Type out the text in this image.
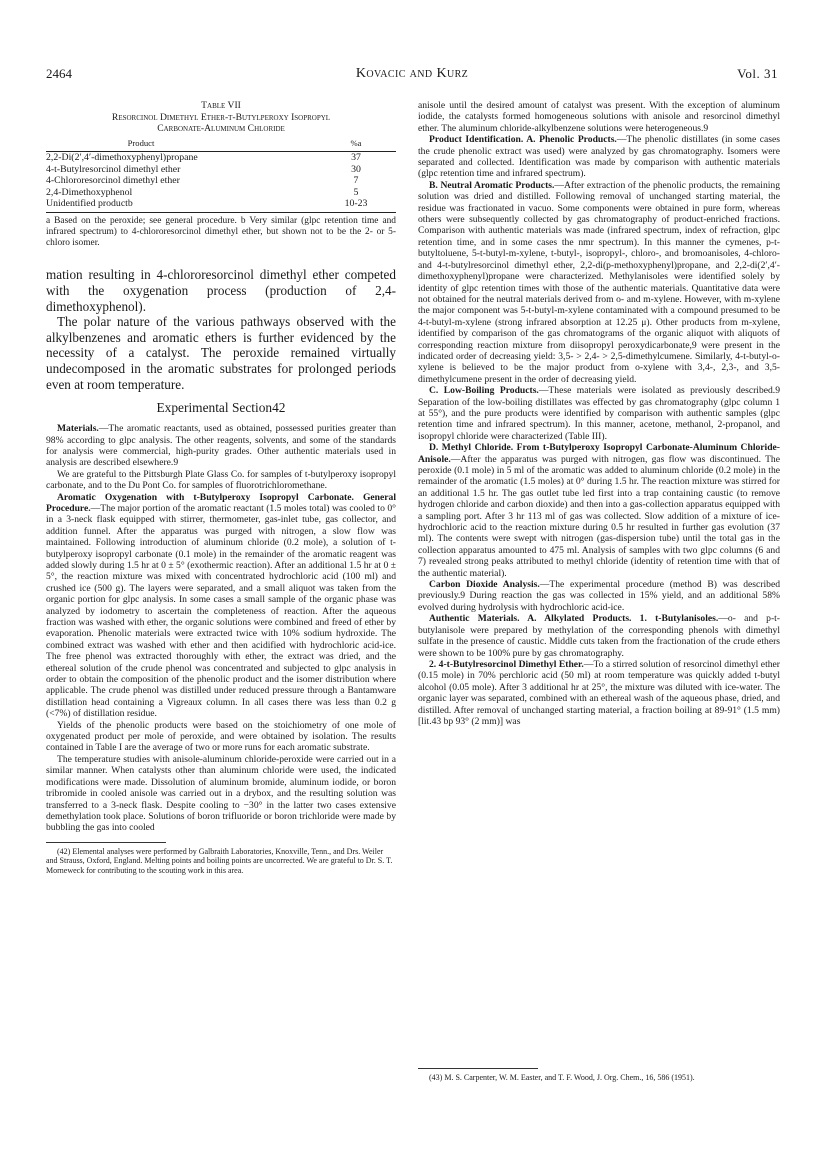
2464	Kovacic and Kurz	Vol. 31
Table VII
Resorcinol Dimethyl Ether-t-Butylperoxy Isopropyl
Carbonate-Aluminum Chloride
Product	%a
2,2-Di(2′,4′-dimethoxyphenyl)propane	37
4-t-Butylresorcinol dimethyl ether	30
4-Chlororesorcinol dimethyl ether	7
2,4-Dimethoxyphenol	5
Unidentified productb	10-23
a Based on the peroxide; see general procedure. b Very similar (glpc retention time and infrared spectrum) to 4-chlororesorcinol dimethyl ether, but shown not to be the 2- or 5-chloro isomer.

mation resulting in 4-chlororesorcinol dimethyl ether competed with the oxygenation process (production of 2,4-dimethoxyphenol).

The polar nature of the various pathways observed with the alkylbenzenes and aromatic ethers is further evidenced by the necessity of a catalyst. The peroxide remained virtually undecomposed in the aromatic substrates for prolonged periods even at room temperature.

Experimental Section42

Materials.—The aromatic reactants, used as obtained, possessed purities greater than 98% according to glpc analysis. The other reagents, solvents, and some of the standards for analysis were commercial, high-purity grades. Other authentic materials used in analysis are described elsewhere.9

We are grateful to the Pittsburgh Plate Glass Co. for samples of t-butylperoxy isopropyl carbonate, and to the Du Pont Co. for samples of fluorotrichloromethane.

Aromatic Oxygenation with t-Butylperoxy Isopropyl Carbonate. General Procedure.—The major portion of the aromatic reactant (1.5 moles total) was cooled to 0° in a 3-neck flask equipped with stirrer, thermometer, gas-inlet tube, gas collector, and addition funnel. After the apparatus was purged with nitrogen, a slow flow was maintained. Following introduction of aluminum chloride (0.2 mole), a solution of t-butylperoxy isopropyl carbonate (0.1 mole) in the remainder of the aromatic reagent was added slowly during 1.5 hr at 0 ± 5° (exothermic reaction). After an additional 1.5 hr at 0 ± 5°, the reaction mixture was mixed with concentrated hydrochloric acid (100 ml) and crushed ice (500 g). The layers were separated, and a small aliquot was taken from the organic portion for glpc analysis. In some cases a small sample of the organic phase was analyzed by iodometry to ascertain the completeness of reaction. After the aqueous fraction was washed with ether, the organic solutions were combined and freed of ether by evaporation. Phenolic materials were extracted twice with 10% sodium hydroxide. The combined extract was washed with ether and then acidified with hydrochloric acid-ice. The free phenol was extracted thoroughly with ether, the extract was dried, and the ethereal solution of the crude phenol was concentrated and subjected to glpc analysis in order to obtain the composition of the phenolic product and the isomer distribution where applicable. The crude phenol was distilled under reduced pressure through a Bantamware distillation head containing a Vigreaux column. In all cases there was less than 0.2 g (<7%) of distillation residue.

Yields of the phenolic products were based on the stoichiometry of one mole of oxygenated product per mole of peroxide, and were obtained by isolation. The results contained in Table I are the average of two or more runs for each aromatic substrate.

The temperature studies with anisole-aluminum chloride-peroxide were carried out in a similar manner. When catalysts other than aluminum chloride were used, the indicated modifications were made. Dissolution of aluminum bromide, aluminum iodide, or boron tribromide in cooled anisole was carried out in a drybox, and the resulting solution was transferred to a 3-neck flask. Despite cooling to −30° in the latter two cases extensive demethylation took place. Solutions of boron trifluoride or boron trichloride were made by bubbling the gas into cooled

(42) Elemental analyses were performed by Galbraith Laboratories, Knoxville, Tenn., and Drs. Weiler and Strauss, Oxford, England. Melting points and boiling points are uncorrected. We are grateful to Dr. S. T. Morneweck for contributing to the scouting work in this area.

anisole until the desired amount of catalyst was present. With the exception of aluminum iodide, the catalysts formed homogeneous solutions with anisole and resorcinol dimethyl ether. The aluminum chloride-alkylbenzene solutions were heterogeneous.9

Product Identification. A. Phenolic Products.—The phenolic distillates (in some cases the crude phenolic extract was used) were analyzed by gas chromatography. Isomers were separated and collected. Identification was made by comparison with authentic materials (glpc retention time and infrared spectrum).

B. Neutral Aromatic Products.—After extraction of the phenolic products, the remaining solution was dried and distilled. Following removal of unchanged starting material, the residue was fractionated in vacuo. Some components were obtained in pure form, whereas others were subsequently collected by gas chromatography of product-enriched fractions. Comparison with authentic materials was made (infrared spectrum, index of refraction, glpc retention time, and in some cases the nmr spectrum). In this manner the cymenes, p-t-butyltoluene, 5-t-butyl-m-xylene, t-butyl-, isopropyl-, chloro-, and bromoanisoles, 4-chloro- and 4-t-butylresorcinol dimethyl ether, 2,2-di(p-methoxyphenyl)propane, and 2,2-di(2′,4′-dimethoxyphenyl)propane were characterized. Methylanisoles were identified solely by identity of glpc retention times with those of the authentic materials. Quantitative data were not obtained for the neutral materials derived from o- and m-xylene. However, with m-xylene the major component was 5-t-butyl-m-xylene contaminated with a compound presumed to be 4-t-butyl-m-xylene (strong infrared absorption at 12.25 μ). Other products from m-xylene, identified by comparison of the gas chromatograms of the organic aliquot with aliquots of corresponding reaction mixture from diisopropyl peroxydicarbonate,9 were present in the indicated order of decreasing yield: 3,5- > 2,4- > 2,5-dimethylcumene. Similarly, 4-t-butyl-o-xylene is believed to be the major product from o-xylene with 3,4-, 2,3-, and 3,5-dimethylcumene present in the order of decreasing yield.

C. Low-Boiling Products.—These materials were isolated as previously described.9 Separation of the low-boiling distillates was effected by gas chromatography (glpc column 1 at 55°), and the pure products were identified by comparison with authentic samples (glpc retention time and infrared spectrum). In this manner, acetone, methanol, 2-propanol, and isopropyl chloride were characterized (Table III).

D. Methyl Chloride. From t-Butylperoxy Isopropyl Carbonate-Aluminum Chloride-Anisole.—After the apparatus was purged with nitrogen, gas flow was discontinued. The peroxide (0.1 mole) in 5 ml of the aromatic was added to aluminum chloride (0.2 mole) in the remainder of the aromatic (1.5 moles) at 0° during 1.5 hr. The reaction mixture was stirred for an additional 1.5 hr. The gas outlet tube led first into a trap containing caustic (to remove hydrogen chloride and carbon dioxide) and then into a gas-collection apparatus equipped with a sampling port. After 3 hr 113 ml of gas was collected. Slow addition of a mixture of ice-hydrochloric acid to the reaction mixture during 0.5 hr resulted in further gas evolution (37 ml). The contents were swept with nitrogen (gas-dispersion tube) until the total gas in the collection apparatus amounted to 475 ml. Analysis of samples with two glpc columns (6 and 7) revealed strong peaks attributed to methyl chloride (identity of retention time with that of the authentic material).

Carbon Dioxide Analysis.—The experimental procedure (method B) was described previously.9 During reaction the gas was collected in 15% yield, and an additional 58% evolved during hydrolysis with hydrochloric acid-ice.

Authentic Materials. A. Alkylated Products. 1. t-Butylanisoles.—o- and p-t-butylanisole were prepared by methylation of the corresponding phenols with dimethyl sulfate in the presence of caustic. Middle cuts taken from the fractionation of the crude ethers were shown to be 100% pure by gas chromatography.

2. 4-t-Butylresorcinol Dimethyl Ether.—To a stirred solution of resorcinol dimethyl ether (0.15 mole) in 70% perchloric acid (50 ml) at room temperature was quickly added t-butyl alcohol (0.05 mole). After 3 additional hr at 25°, the mixture was diluted with ice-water. The organic layer was separated, combined with an ethereal wash of the aqueous phase, dried, and distilled. After removal of unchanged starting material, a fraction boiling at 89-91° (1.5 mm) [lit.43 bp 93° (2 mm)] was

(43) M. S. Carpenter, W. M. Easter, and T. F. Wood, J. Org. Chem., 16, 586 (1951).
